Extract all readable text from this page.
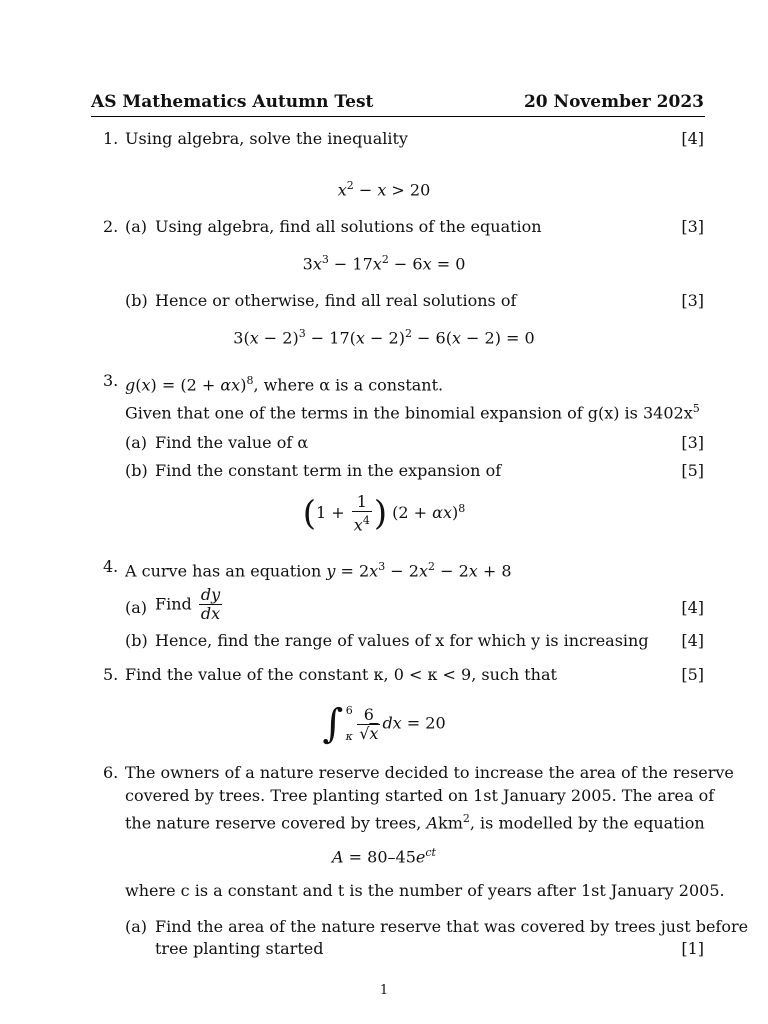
AS Mathematics Autumn Test	20 November 2023
1. Using algebra, solve the inequality	[4]
$x^2 - x > 20$
2. (a) Using algebra, find all solutions of the equation	[3]
$3x^3 - 17x^2 - 6x = 0$
(b) Hence or otherwise, find all real solutions of	[3]
$3(x - 2)^3 - 17(x - 2)^2 - 6(x - 2) = 0$
3. $g(x) = (2 + \alpha x)^8$, where α is a constant.
Given that one of the terms in the binomial expansion of g(x) is $3402x^5$
(a) Find the value of α	[3]
(b) Find the constant term in the expansion of	[5]
($1 + \frac{1}{x^4}$ ) $(2 + \alpha x)^8$
4. A curve has an equation $y = 2x^3 - 2x^2 - 2x + 8$
(a) Find $\frac{dy}{dx}$	[4]
(b) Hence, find the range of values of x for which y is increasing [4]
5. Find the value of the constant κ, 0 < κ < 9, such that	[5]
∫ 6
κ $\frac{6}{√x}$ dx = 20
6. The owners of a nature reserve decided to increase the area of the reserve
covered by trees. Tree planting started on 1st January 2005. The area of
the nature reserve covered by trees, Akm$^2$, is modelled by the equation
$A = 80-45e^{ct}$
where c is a constant and t is the number of years after 1st January 2005.
(a) Find the area of the nature reserve that was covered by trees just before
tree planting started	[1]
1
